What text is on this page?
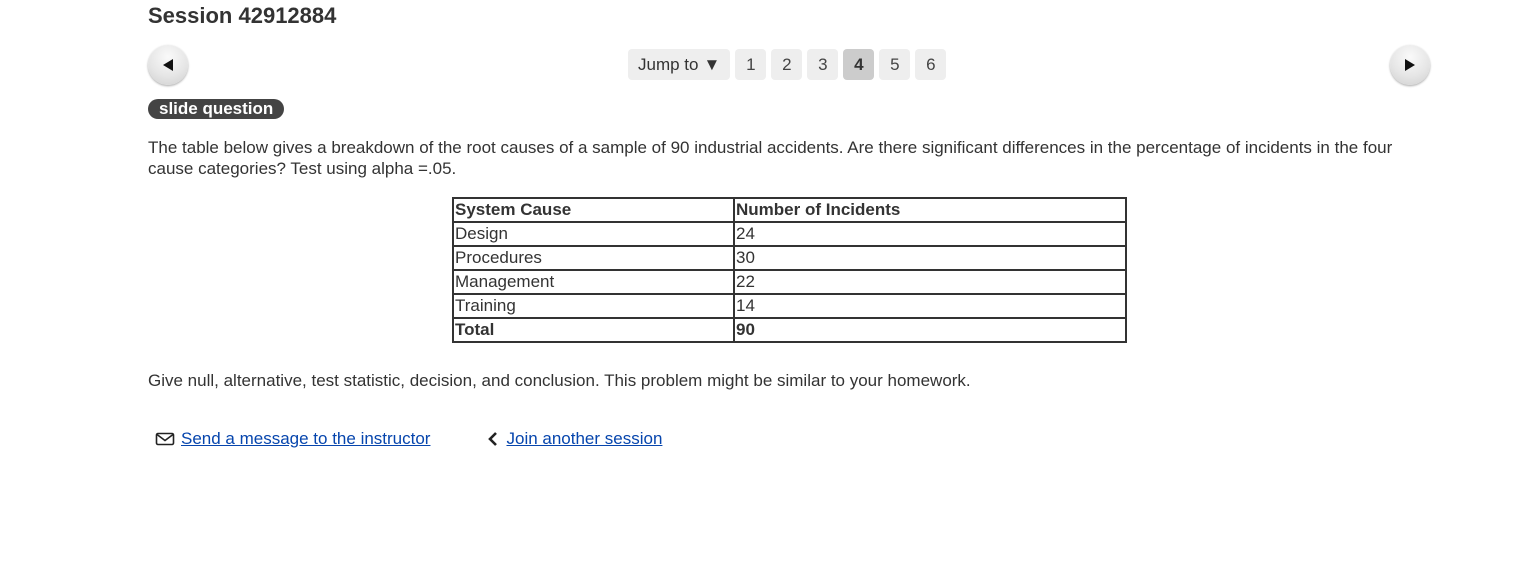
Session 42912884
Jump to ▼	1	2	3	4	5	6
slide question

The table below gives a breakdown of the root causes of a sample of 90 industrial accidents. Are there significant differences in the percentage of incidents in the four cause categories? Test using alpha =.05.

System Cause	Number of Incidents
Design	24
Procedures	30
Management	22
Training	14
Total	90

Give null, alternative, test statistic, decision, and conclusion. This problem might be similar to your homework.

Send a message to the instructor	Join another session
